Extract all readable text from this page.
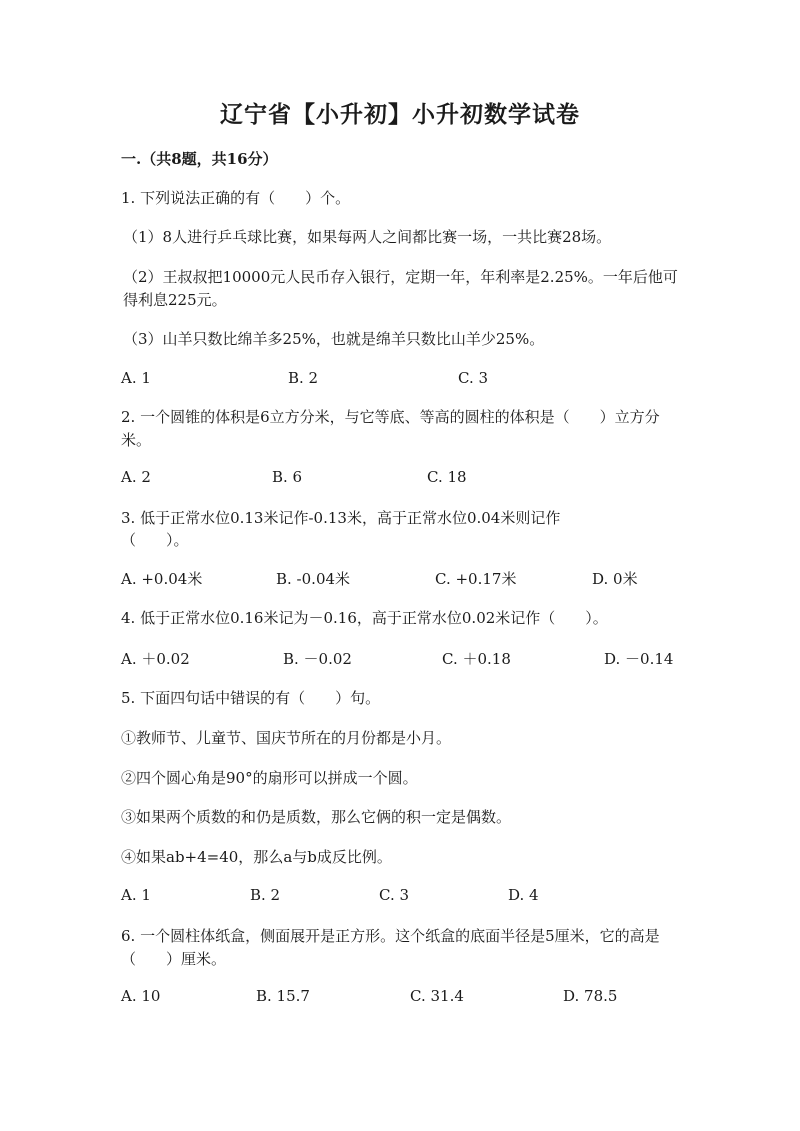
辽宁省【小升初】小升初数学试卷
一.（共8题，共16分）

1. 下列说法正确的有（　　）个。

（1）8人进行乒乓球比赛，如果每两人之间都比赛一场，一共比赛28场。

（2）王叔叔把10000元人民币存入银行，定期一年，年利率是2.25%。一年后他可得利息225元。

（3）山羊只数比绵羊多25%，也就是绵羊只数比山羊少25%。

A. 1	B. 2	C. 3

2. 一个圆锥的体积是6立方分米，与它等底、等高的圆柱的体积是（　　）立方分米。

A. 2	B. 6	C. 18

3. 低于正常水位0.13米记作-0.13米，高于正常水位0.04米则记作（　　）。

A. +0.04米	B. -0.04米	C. +0.17米	D. 0米

4. 低于正常水位0.16米记为－0.16，高于正常水位0.02米记作（　　）。

A. ＋0.02	B. －0.02	C. ＋0.18	D. －0.14

5. 下面四句话中错误的有（　　）句。

①教师节、儿童节、国庆节所在的月份都是小月。

②四个圆心角是90°的扇形可以拼成一个圆。

③如果两个质数的和仍是质数，那么它俩的积一定是偶数。

④如果ab+4=40，那么a与b成反比例。

A. 1	B. 2	C. 3	D. 4

6. 一个圆柱体纸盒，侧面展开是正方形。这个纸盒的底面半径是5厘米，它的高是（　　）厘米。

A. 10	B. 15.7	C. 31.4	D. 78.5
